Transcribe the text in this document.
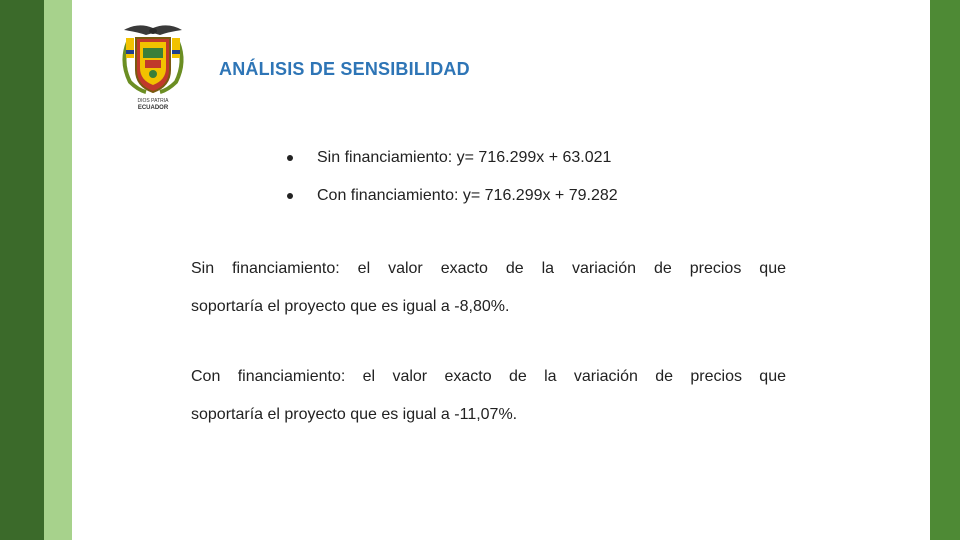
DIOS PATRIA
ECUADOR
ANÁLISIS DE SENSIBILIDAD
Sin financiamiento: y= 716.299x + 63.021
Con financiamiento: y= 716.299x + 79.282
Sin financiamiento: el valor exacto de la variación de precios que
soportaría el proyecto que es igual a -8,80%.
Con financiamiento: el valor exacto de la variación de precios que
soportaría el proyecto que es igual a -11,07%.
